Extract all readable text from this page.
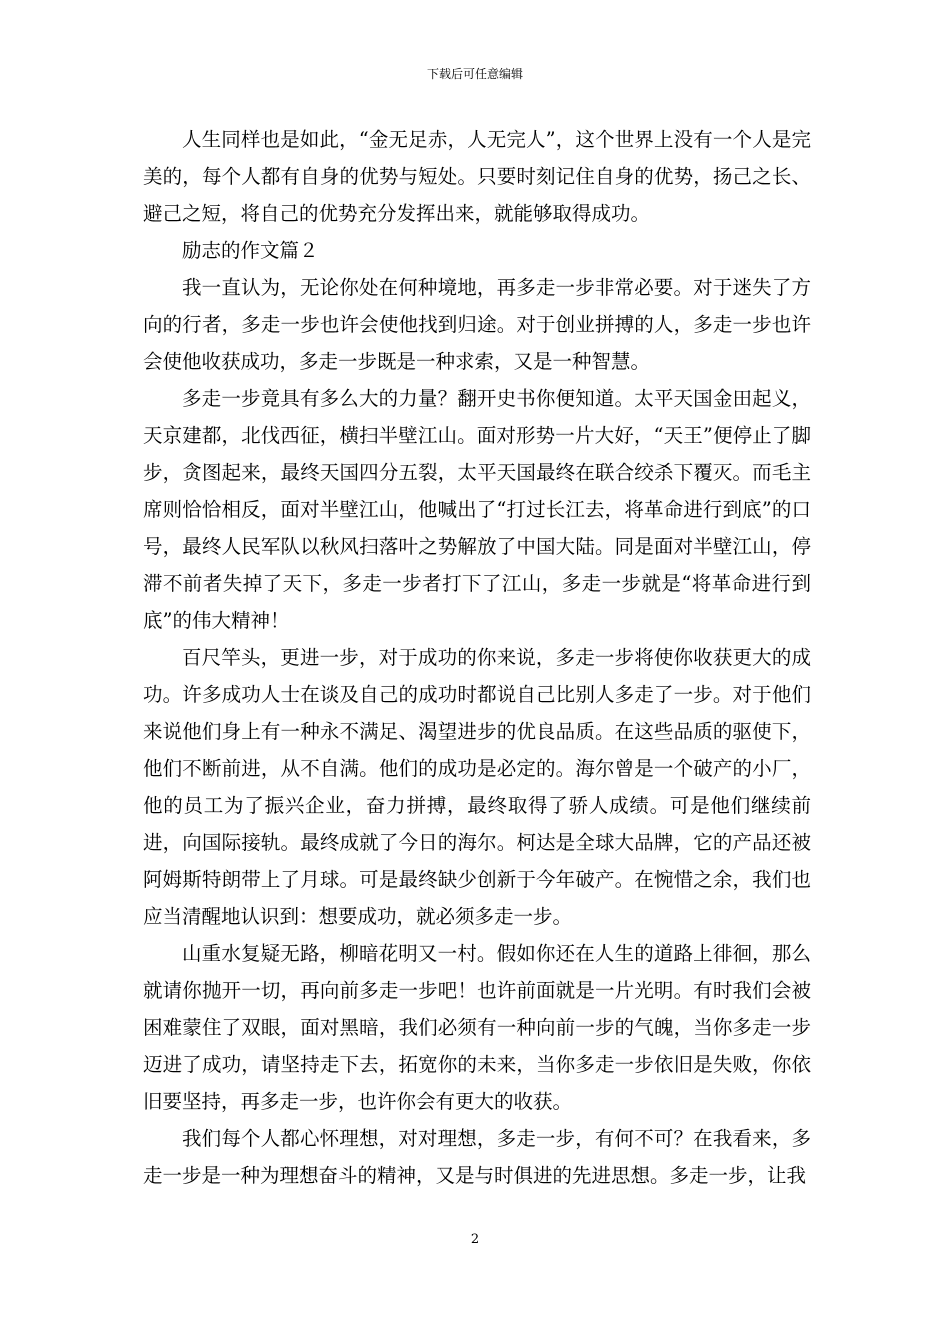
下载后可任意编辑

人生同样也是如此，“金无足赤，人无完人”，这个世界上没有一个人是完美的，每个人都有自身的优势与短处。只要时刻记住自身的优势，扬己之长、避己之短，将自己的优势充分发挥出来，就能够取得成功。

励志的作文篇２

我一直认为，无论你处在何种境地，再多走一步非常必要。对于迷失了方向的行者，多走一步也许会使他找到归途。对于创业拼搏的人，多走一步也许会使他收获成功，多走一步既是一种求索，又是一种智慧。

多走一步竟具有多么大的力量？翻开史书你便知道。太平天国金田起义，天京建都，北伐西征，横扫半壁江山。面对形势一片大好，“天王”便停止了脚步，贪图起来，最终天国四分五裂，太平天国最终在联合绞杀下覆灭。而毛主席则恰恰相反，面对半壁江山，他喊出了“打过长江去，将革命进行到底”的口号，最终人民军队以秋风扫落叶之势解放了中国大陆。同是面对半壁江山，停滞不前者失掉了天下，多走一步者打下了江山，多走一步就是“将革命进行到底”的伟大精神！

百尺竿头，更进一步，对于成功的你来说，多走一步将使你收获更大的成功。许多成功人士在谈及自己的成功时都说自己比别人多走了一步。对于他们来说他们身上有一种永不满足、渴望进步的优良品质。在这些品质的驱使下，他们不断前进，从不自满。他们的成功是必定的。海尔曾是一个破产的小厂，他的员工为了振兴企业，奋力拼搏，最终取得了骄人成绩。可是他们继续前进，向国际接轨。最终成就了今日的海尔。柯达是全球大品牌，它的产品还被阿姆斯特朗带上了月球。可是最终缺少创新于今年破产。在惋惜之余，我们也应当清醒地认识到：想要成功，就必须多走一步。

山重水复疑无路，柳暗花明又一村。假如你还在人生的道路上徘徊，那么就请你抛开一切，再向前多走一步吧！也许前面就是一片光明。有时我们会被困难蒙住了双眼，面对黑暗，我们必须有一种向前一步的气魄，当你多走一步迈进了成功，请坚持走下去，拓宽你的未来，当你多走一步依旧是失败，你依旧要坚持，再多走一步，也许你会有更大的收获。

我们每个人都心怀理想，对对理想，多走一步，有何不可？在我看来，多走一步是一种为理想奋斗的精神，又是与时俱进的先进思想。多走一步，让我

2
